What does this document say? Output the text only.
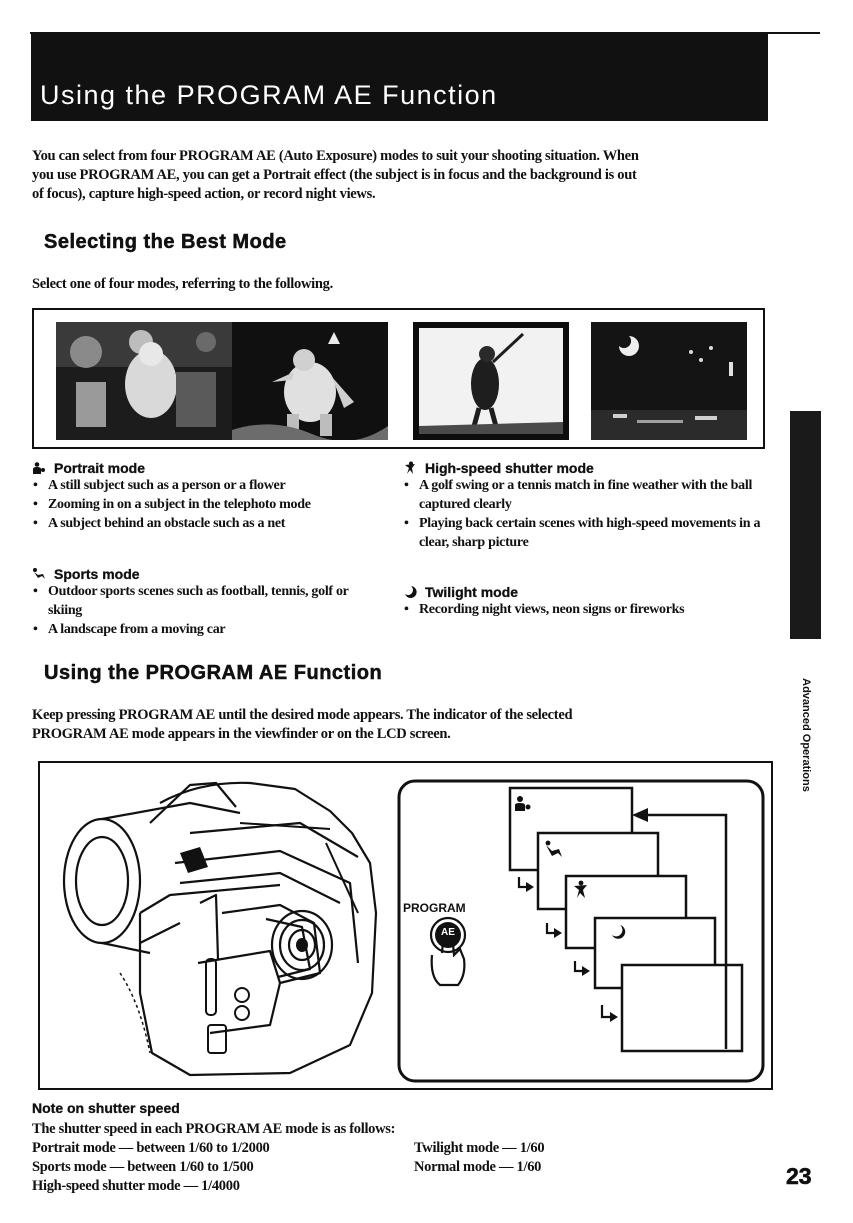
Using the PROGRAM AE Function
You can select from four PROGRAM AE (Auto Exposure) modes to suit your shooting situation. When
you use PROGRAM AE, you can get a Portrait effect (the subject is in focus and the background is out
of focus), capture high-speed action, or record night views.
Selecting the Best Mode
Select one of four modes, referring to the following.
Portrait mode
• A still subject such as a person or a flower
• Zooming in on a subject in the telephoto mode
• A subject behind an obstacle such as a net
Sports mode
• Outdoor sports scenes such as football, tennis, golf or skiing
• A landscape from a moving car
High-speed shutter mode
• A golf swing or a tennis match in fine weather with the ball captured clearly
• Playing back certain scenes with high-speed movements in a clear, sharp picture
Twilight mode
• Recording night views, neon signs or fireworks
Using the PROGRAM AE Function
Keep pressing PROGRAM AE until the desired mode appears. The indicator of the selected
PROGRAM AE mode appears in the viewfinder or on the LCD screen.
PROGRAM
AE
Note on shutter speed
The shutter speed in each PROGRAM AE mode is as follows:
Portrait mode — between 1/60 to 1/2000
Sports mode — between 1/60 to 1/500
High-speed shutter mode — 1/4000
Twilight mode — 1/60
Normal mode — 1/60
Advanced Operations
23
